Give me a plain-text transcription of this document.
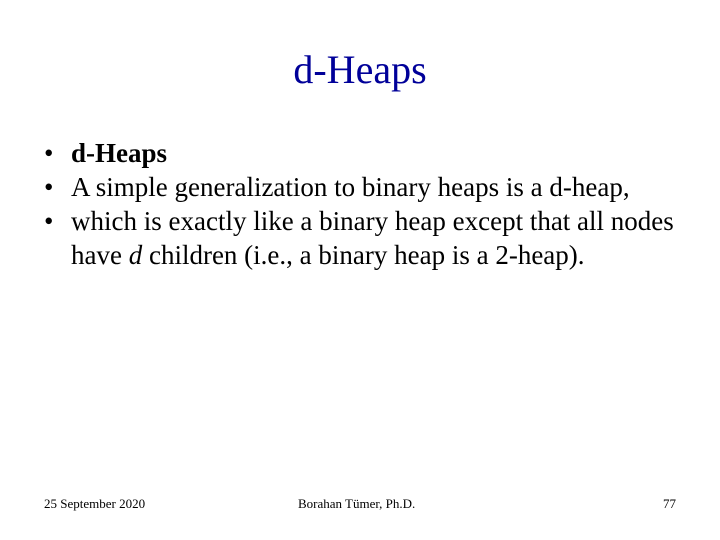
d-Heaps
• d-Heaps
• A simple generalization to binary heaps is a d-heap,
• which is exactly like a binary heap except that all nodes have d children (i.e., a binary heap is a 2-heap).
25 September 2020	Borahan Tümer, Ph.D.	77
